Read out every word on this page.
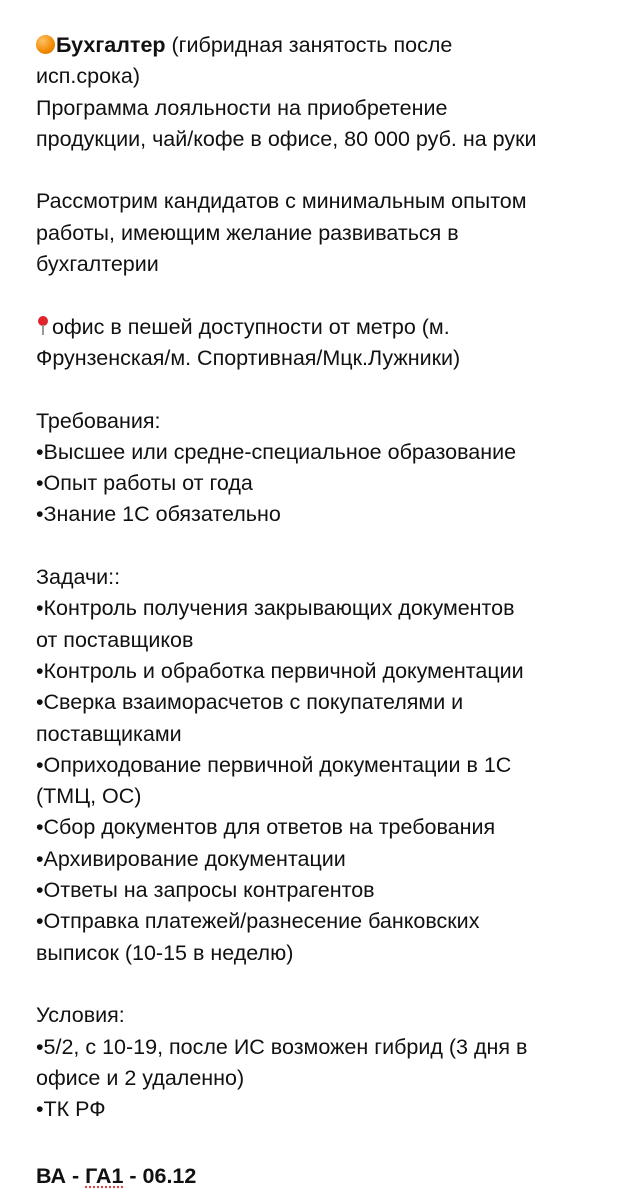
Бухгалтер (гибридная занятость после
исп.срока)
Программа лояльности на приобретение
продукции, чай/кофе в офисе, 80 000 руб. на руки
Рассмотрим кандидатов с минимальным опытом
работы, имеющим желание развиваться в
бухгалтерии
офис в пешей доступности от метро (м.
Фрунзенская/м. Спортивная/Мцк.Лужники)
Требования:
•Высшее или средне-специальное образование
•Опыт работы от года
•Знание 1С обязательно
Задачи::
•Контроль получения закрывающих документов
от поставщиков
•Контроль и обработка первичной документации
•Сверка взаиморасчетов с покупателями и
поставщиками
•Оприходование первичной документации в 1С
(ТМЦ, ОС)
•Сбор документов для ответов на требования
•Архивирование документации
•Ответы на запросы контрагентов
•Отправка платежей/разнесение банковских
выписок (10-15 в неделю)
Условия:
•5/2, с 10-19, после ИС возможен гибрид (3 дня в
офисе и 2 удаленно)
•ТК РФ
ВА - ГА1 - 06.12
